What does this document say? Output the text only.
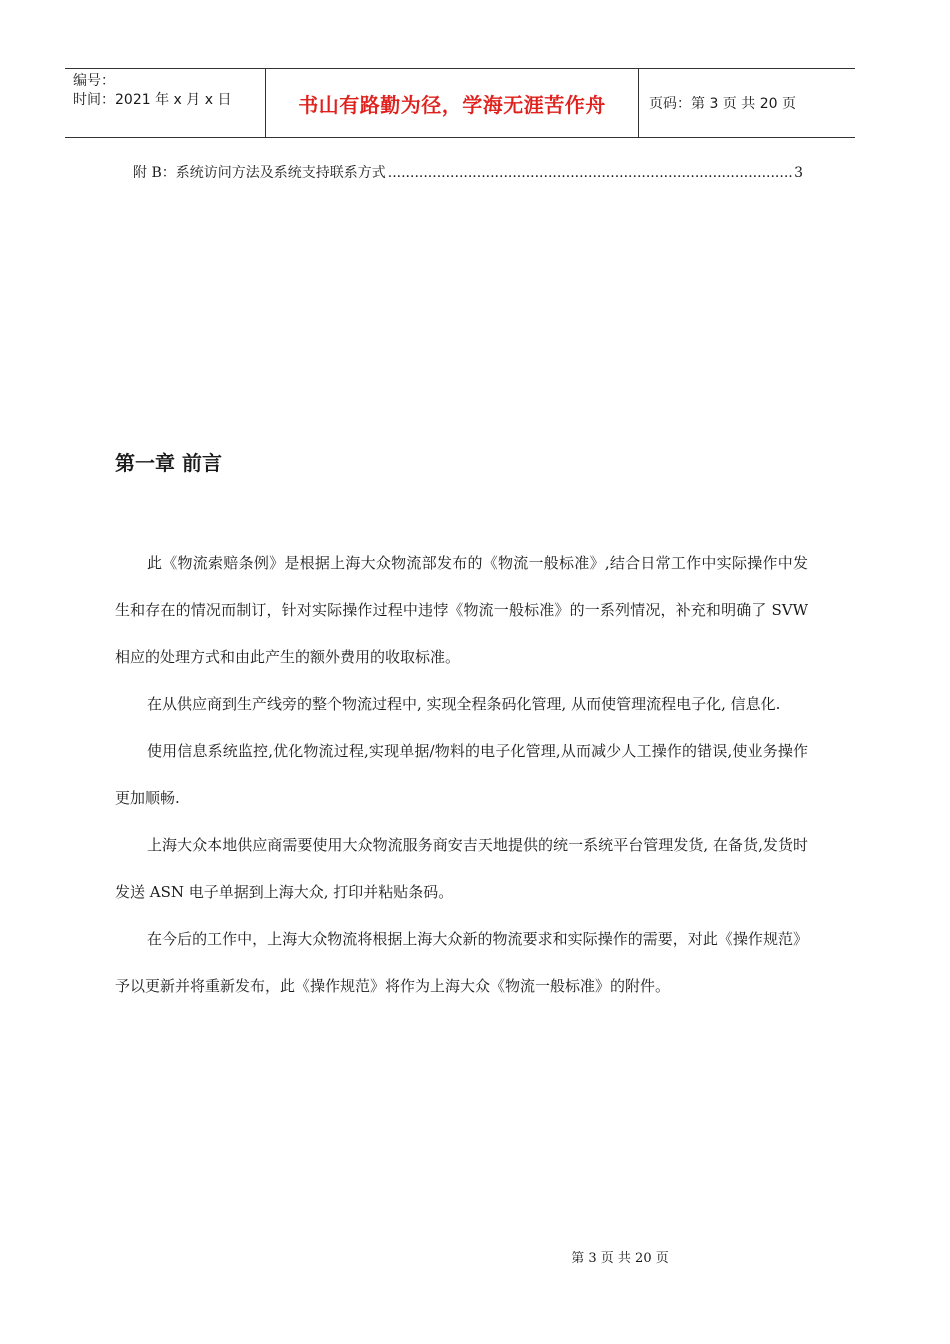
编号：
时间：2021 年 x 月 x 日	书山有路勤为径，学海无涯苦作舟	页码：第 3 页 共 20 页
附 B：系统访问方法及系统支持联系方式
.....	3
第一章 前言

此《物流索赔条例》是根据上海大众物流部发布的《物流一般标准》,结合日常工作中实际操作中发生和存在的情况而制订，针对实际操作过程中违悖《物流一般标准》的一系列情况，补充和明确了 SVW 相应的处理方式和由此产生的额外费用的收取标准。

在从供应商到生产线旁的整个物流过程中, 实现全程条码化管理, 从而使管理流程电子化, 信息化.

使用信息系统监控,优化物流过程,实现单据/物料的电子化管理,从而减少人工操作的错误,使业务操作更加顺畅.

上海大众本地供应商需要使用大众物流服务商安吉天地提供的统一系统平台管理发货, 在备货,发货时发送 ASN 电子单据到上海大众, 打印并粘贴条码。

在今后的工作中，上海大众物流将根据上海大众新的物流要求和实际操作的需要，对此《操作规范》予以更新并将重新发布，此《操作规范》将作为上海大众《物流一般标准》的附件。

第 3 页 共 20 页
